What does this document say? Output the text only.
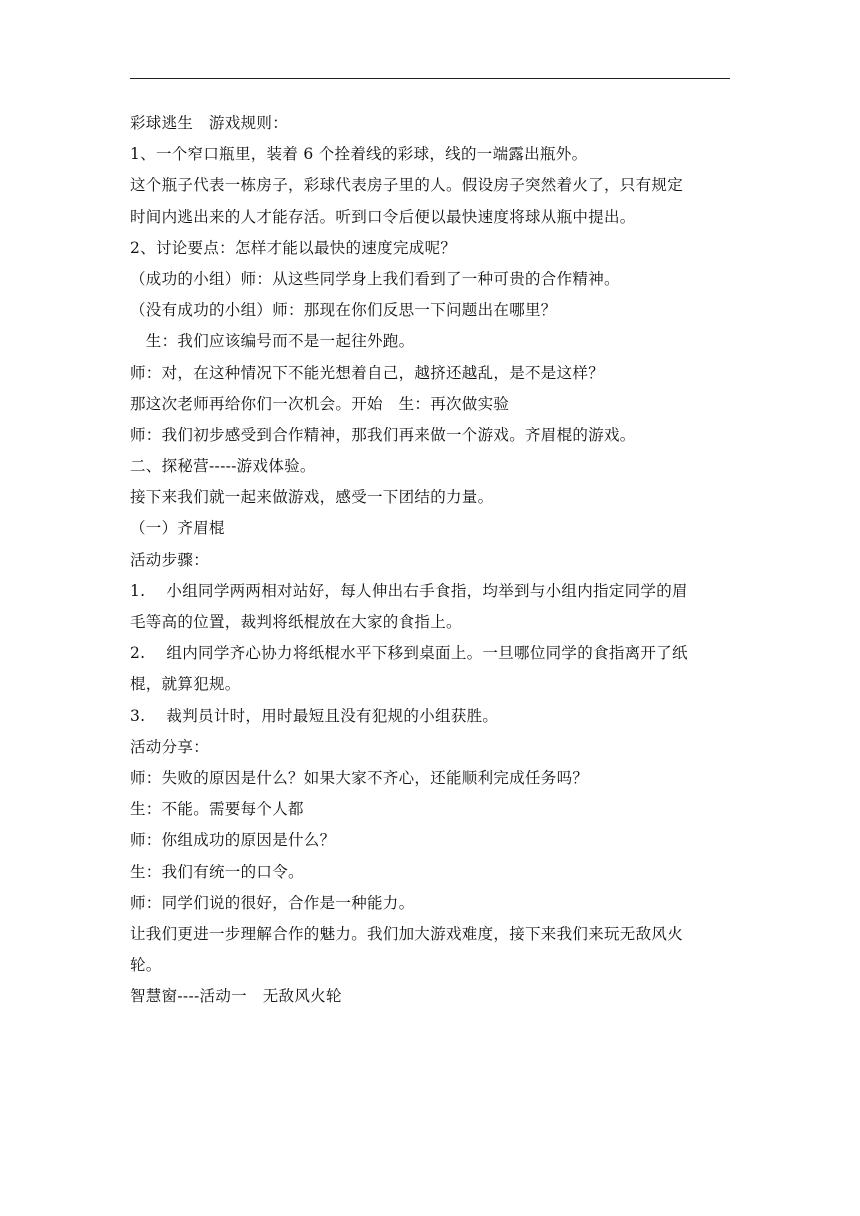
彩球逃生　游戏规则：
1、一个窄口瓶里，装着 6 个拴着线的彩球，线的一端露出瓶外。
这个瓶子代表一栋房子，彩球代表房子里的人。假设房子突然着火了，只有规定
时间内逃出来的人才能存活。听到口令后便以最快速度将球从瓶中提出。
2、讨论要点：怎样才能以最快的速度完成呢？
（成功的小组）师：从这些同学身上我们看到了一种可贵的合作精神。
（没有成功的小组）师：那现在你们反思一下问题出在哪里？
　生：我们应该编号而不是一起往外跑。
师：对，在这种情况下不能光想着自己，越挤还越乱，是不是这样？
那这次老师再给你们一次机会。开始　生：再次做实验
师：我们初步感受到合作精神，那我们再来做一个游戏。齐眉棍的游戏。
二、探秘营-----游戏体验。
接下来我们就一起来做游戏，感受一下团结的力量。
（一）齐眉棍
活动步骤：
1.　 小组同学两两相对站好，每人伸出右手食指，均举到与小组内指定同学的眉
毛等高的位置，裁判将纸棍放在大家的食指上。
2.　 组内同学齐心协力将纸棍水平下移到桌面上。一旦哪位同学的食指离开了纸
棍，就算犯规。
3.　 裁判员计时，用时最短且没有犯规的小组获胜。
活动分享：
师：失败的原因是什么？如果大家不齐心，还能顺利完成任务吗？
生：不能。需要每个人都
师：你组成功的原因是什么？
生：我们有统一的口令。
师：同学们说的很好，合作是一种能力。
让我们更进一步理解合作的魅力。我们加大游戏难度，接下来我们来玩无敌风火
轮。
智慧窗----活动一　无敌风火轮
